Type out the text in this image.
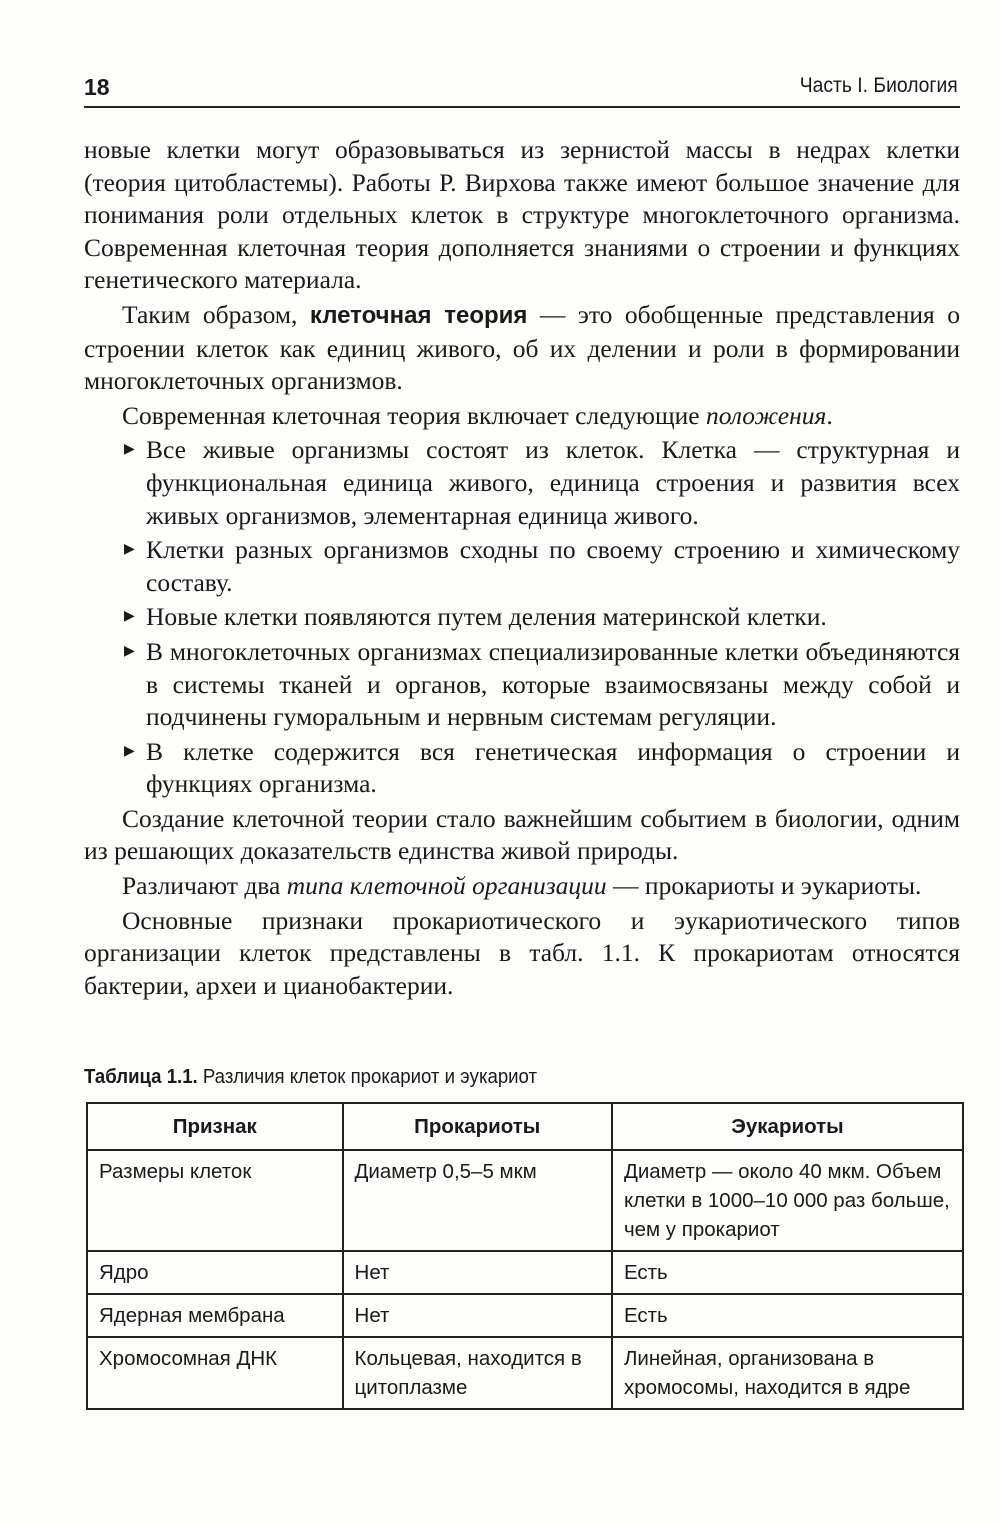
18	Часть I. Биология

новые клетки могут образовываться из зернистой массы в недрах клетки (теория цитобластемы). Работы Р. Вирхова также имеют большое значение для понимания роли отдельных клеток в структуре многоклеточного организма. Современная клеточная теория дополняется знаниями о строении и функциях генетического материала.

Таким образом, клеточная теория — это обобщенные представления о строении клеток как единиц живого, об их делении и роли в формировании многоклеточных организмов.

Современная клеточная теория включает следующие положения.

▶ Все живые организмы состоят из клеток. Клетка — структурная и функциональная единица живого, единица строения и развития всех живых организмов, элементарная единица живого.
▶ Клетки разных организмов сходны по своему строению и химическому составу.
▶ Новые клетки появляются путем деления материнской клетки.
▶ В многоклеточных организмах специализированные клетки объединяются в системы тканей и органов, которые взаимосвязаны между собой и подчинены гуморальным и нервным системам регуляции.
▶ В клетке содержится вся генетическая информация о строении и функциях организма.

Создание клеточной теории стало важнейшим событием в биологии, одним из решающих доказательств единства живой природы.

Различают два типа клеточной организации — прокариоты и эукариоты.

Основные признаки прокариотического и эукариотического типов организации клеток представлены в табл. 1.1. К прокариотам относятся бактерии, археи и цианобактерии.

Таблица 1.1. Различия клеток прокариот и эукариот
Признак	Прокариоты	Эукариоты
Размеры клеток	Диаметр 0,5–5 мкм	Диаметр — около 40 мкм. Объем клетки в 1000–10 000 раз больше, чем у прокариот
Ядро	Нет	Есть
Ядерная мембрана	Нет	Есть
Хромосомная ДНК	Кольцевая, находится в цитоплазме	Линейная, организована в хромосомы, находится в ядре
